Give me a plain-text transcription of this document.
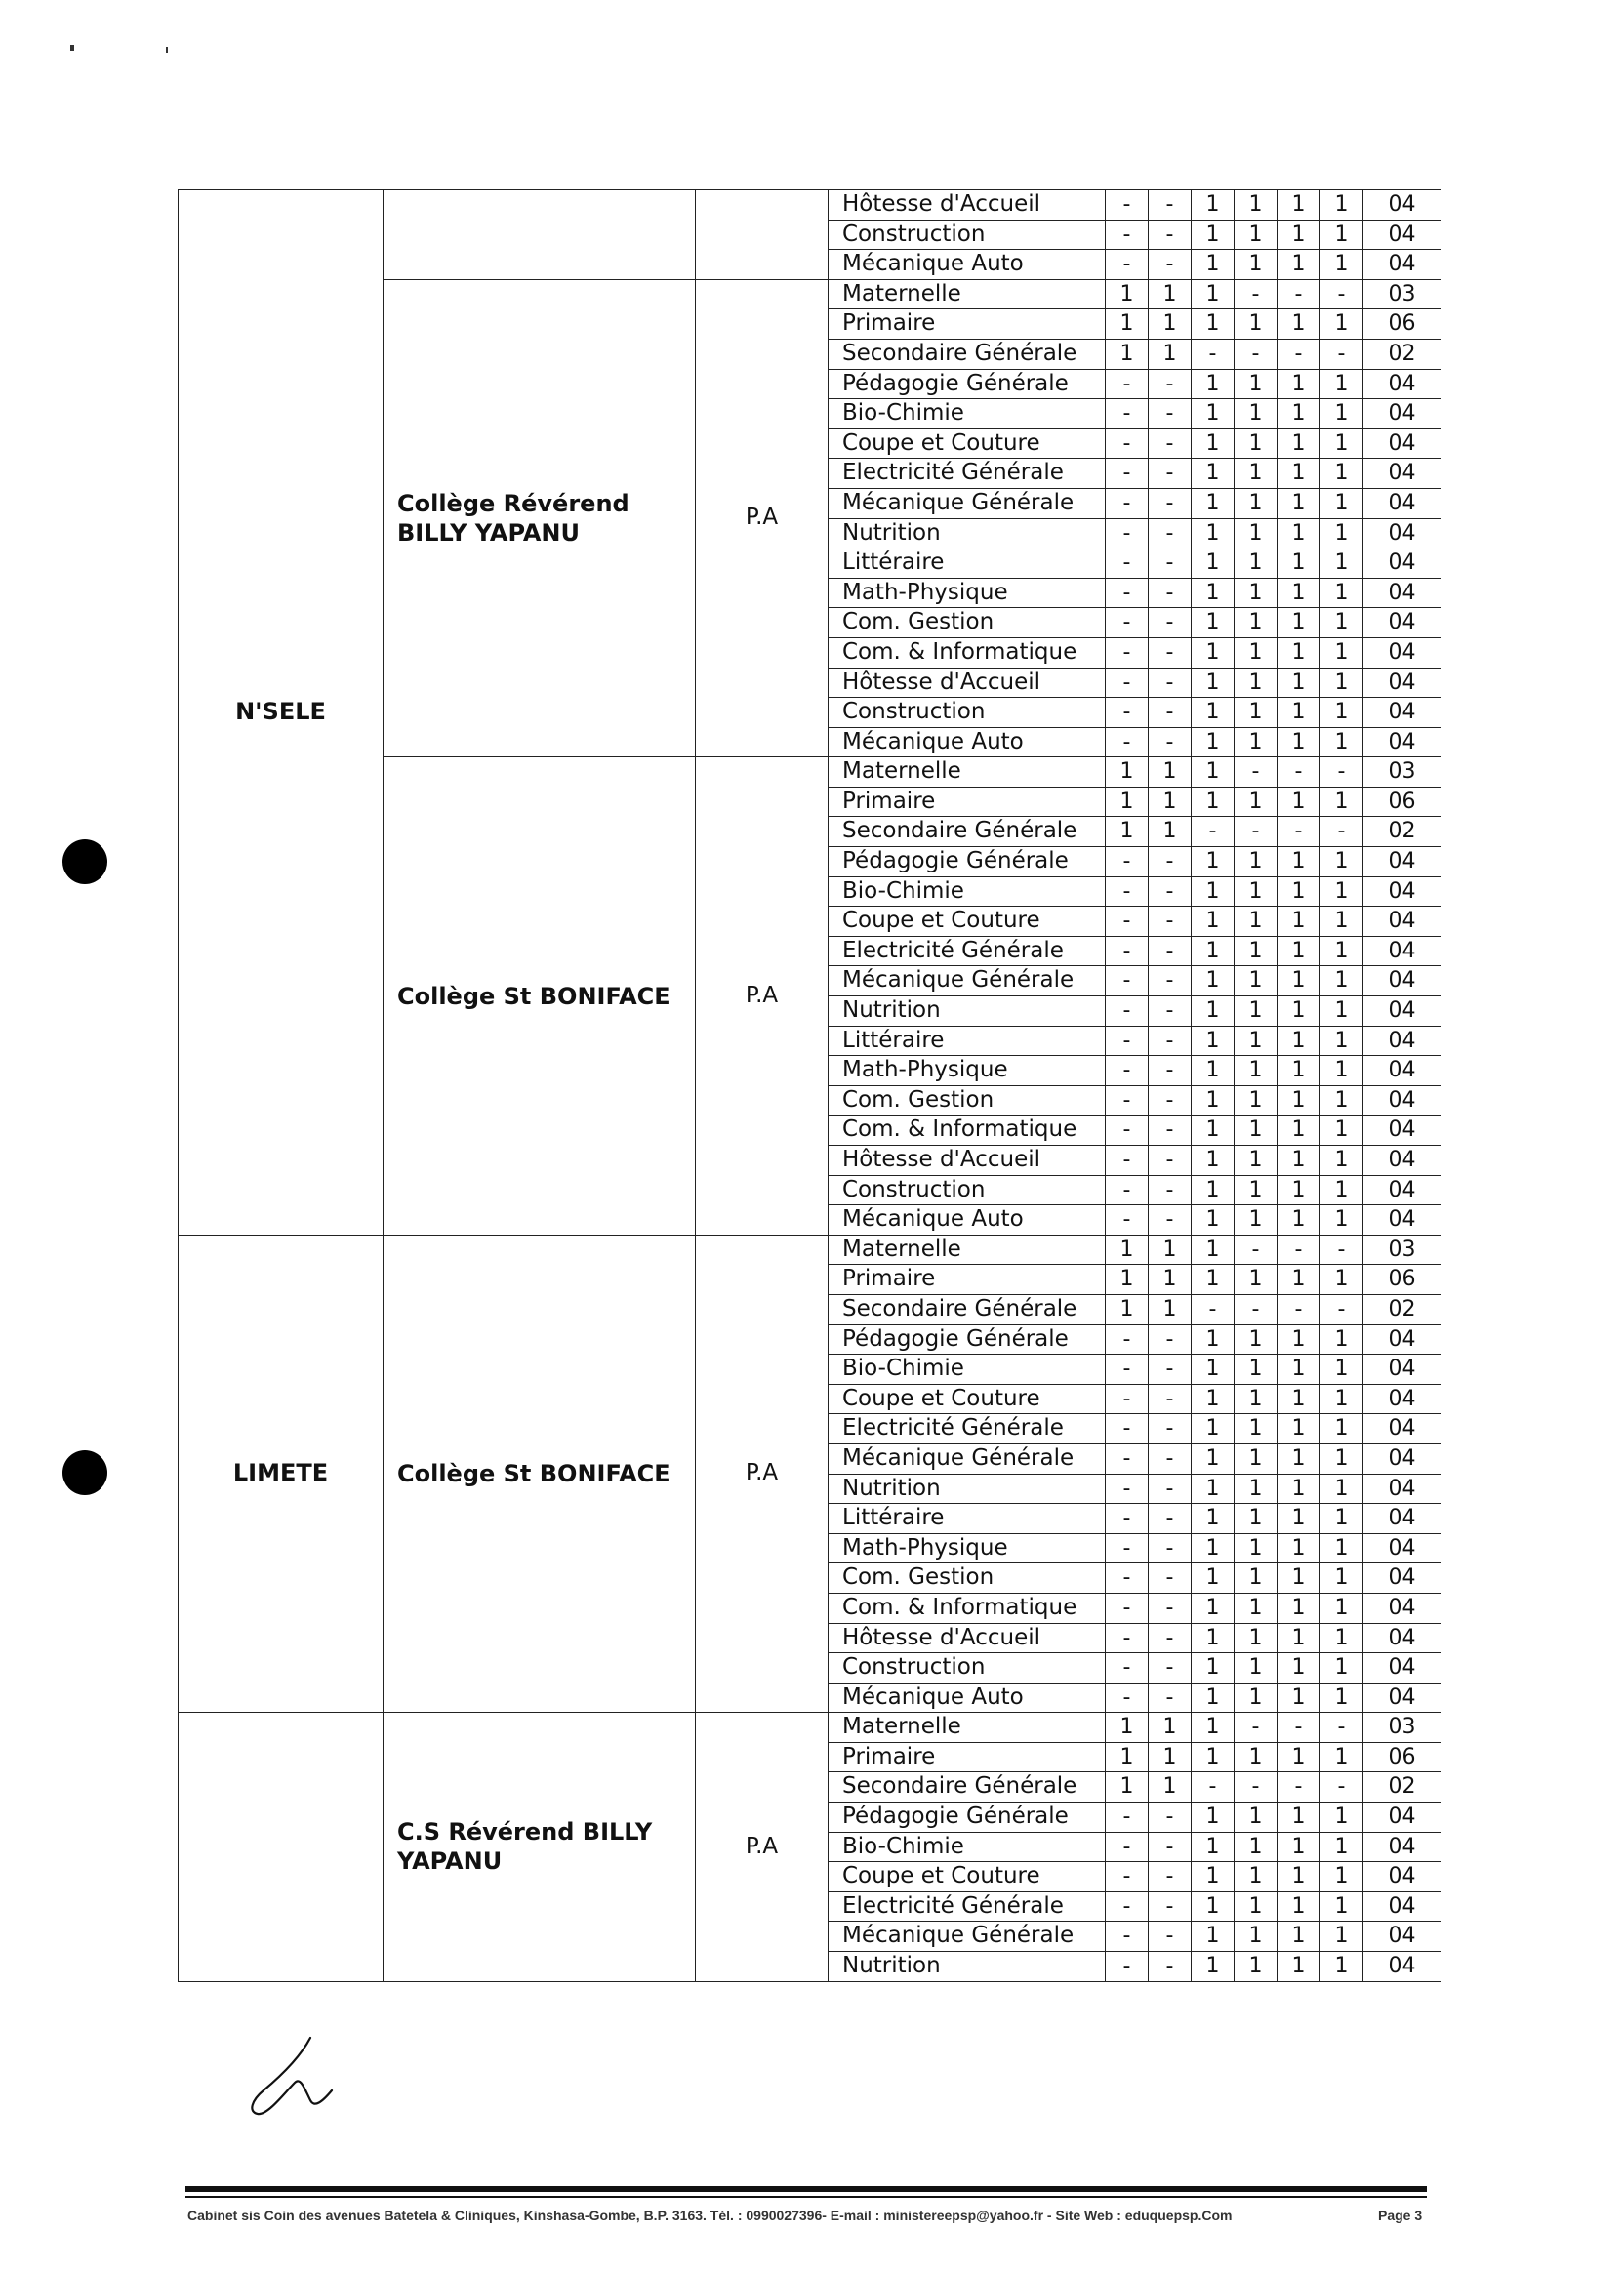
N'SELE			Hôtesse d'Accueil	-	-	1	1	1	1	04
			Construction	-	-	1	1	1	1	04
			Mécanique Auto	-	-	1	1	1	1	04
	Collège Révérend BILLY YAPANU	P.A	Maternelle	1	1	1	-	-	-	03
			Primaire	1	1	1	1	1	1	06
			Secondaire Générale	1	1	-	-	-	-	02
			Pédagogie Générale	-	-	1	1	1	1	04
			Bio-Chimie	-	-	1	1	1	1	04
			Coupe et Couture	-	-	1	1	1	1	04
			Electricité Générale	-	-	1	1	1	1	04
			Mécanique Générale	-	-	1	1	1	1	04
			Nutrition	-	-	1	1	1	1	04
			Littéraire	-	-	1	1	1	1	04
			Math-Physique	-	-	1	1	1	1	04
			Com. Gestion	-	-	1	1	1	1	04
			Com. & Informatique	-	-	1	1	1	1	04
			Hôtesse d'Accueil	-	-	1	1	1	1	04
			Construction	-	-	1	1	1	1	04
			Mécanique Auto	-	-	1	1	1	1	04
	Collège St BONIFACE	P.A	Maternelle	1	1	1	-	-	-	03
			Primaire	1	1	1	1	1	1	06
			Secondaire Générale	1	1	-	-	-	-	02
			Pédagogie Générale	-	-	1	1	1	1	04
			Bio-Chimie	-	-	1	1	1	1	04
			Coupe et Couture	-	-	1	1	1	1	04
			Electricité Générale	-	-	1	1	1	1	04
			Mécanique Générale	-	-	1	1	1	1	04
			Nutrition	-	-	1	1	1	1	04
			Littéraire	-	-	1	1	1	1	04
			Math-Physique	-	-	1	1	1	1	04
			Com. Gestion	-	-	1	1	1	1	04
			Com. & Informatique	-	-	1	1	1	1	04
			Hôtesse d'Accueil	-	-	1	1	1	1	04
			Construction	-	-	1	1	1	1	04
			Mécanique Auto	-	-	1	1	1	1	04
LIMETE	Collège St BONIFACE	P.A	Maternelle	1	1	1	-	-	-	03
			Primaire	1	1	1	1	1	1	06
			Secondaire Générale	1	1	-	-	-	-	02
			Pédagogie Générale	-	-	1	1	1	1	04
			Bio-Chimie	-	-	1	1	1	1	04
			Coupe et Couture	-	-	1	1	1	1	04
			Electricité Générale	-	-	1	1	1	1	04
			Mécanique Générale	-	-	1	1	1	1	04
			Nutrition	-	-	1	1	1	1	04
			Littéraire	-	-	1	1	1	1	04
			Math-Physique	-	-	1	1	1	1	04
			Com. Gestion	-	-	1	1	1	1	04
			Com. & Informatique	-	-	1	1	1	1	04
			Hôtesse d'Accueil	-	-	1	1	1	1	04
			Construction	-	-	1	1	1	1	04
			Mécanique Auto	-	-	1	1	1	1	04
	C.S Révérend BILLY YAPANU	P.A	Maternelle	1	1	1	-	-	-	03
			Primaire	1	1	1	1	1	1	06
			Secondaire Générale	1	1	-	-	-	-	02
			Pédagogie Générale	-	-	1	1	1	1	04
			Bio-Chimie	-	-	1	1	1	1	04
			Coupe et Couture	-	-	1	1	1	1	04
			Electricité Générale	-	-	1	1	1	1	04
			Mécanique Générale	-	-	1	1	1	1	04
			Nutrition	-	-	1	1	1	1	04
Cabinet sis Coin des avenues Batetela & Cliniques, Kinshasa-Gombe, B.P. 3163. Tél. : 0990027396- E-mail : ministereepsp@yahoo.fr - Site Web : eduquepsp.Com	Page 3
